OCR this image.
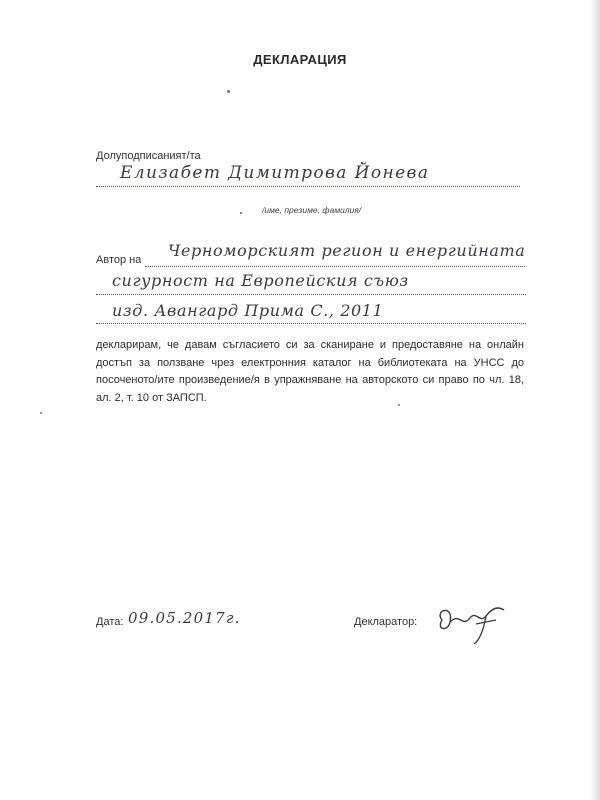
ДЕКЛАРАЦИЯ
Долуподписаният/та
Елизабет Димитрова Йонева
/име, презиме, фамилия/
Автор на Черноморският регион и енергийната
сигурност на Европейския съюз
изд. Авангард Прима С., 2011
декларирам, че давам съгласието си за сканиране и предоставяне на онлайн достъп за ползване чрез електронния каталог на библиотеката на УНСС до посоченото/ите произведение/я в упражняване на авторското си право по чл. 18, ал. 2, т. 10 от ЗАПСП.
Дата: 09.05.2017г.	Декларатор:
